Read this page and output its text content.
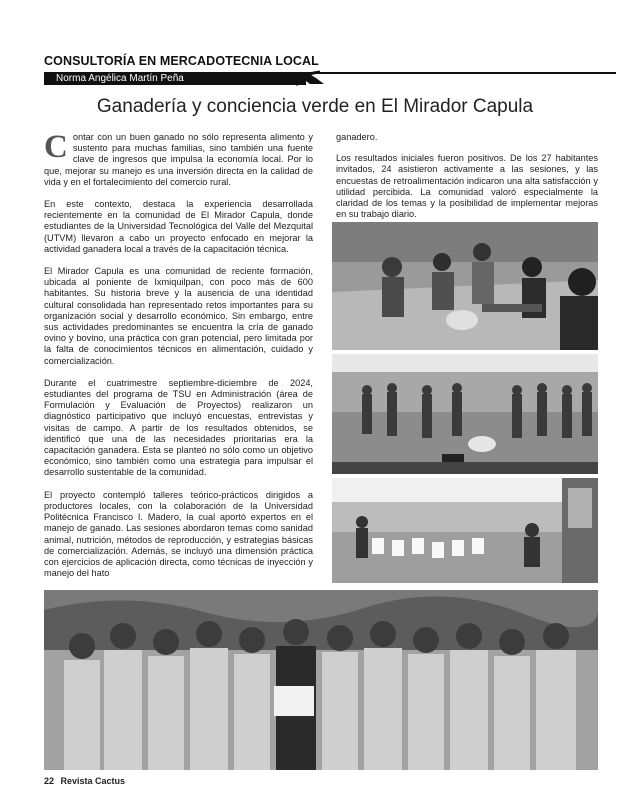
CONSULTORÍA EN MERCADOTECNIA LOCAL
Norma Angélica Martín Peña
Ganadería y conciencia verde en El Mirador Capula

Contar con un buen ganado no sólo representa alimento y sustento para muchas familias, sino también una fuente clave de ingresos que impulsa la economía local. Por lo que, mejorar su manejo es una inversión directa en la calidad de vida y en el fortalecimiento del comercio rural.

En este contexto, destaca la experiencia desarrollada recientemente en la comunidad de El Mirador Capula, donde estudiantes de la Universidad Tecnológica del Valle del Mezquital (UTVM) llevaron a cabo un proyecto enfocado en mejorar la actividad ganadera local a través de la capacitación técnica.

El Mirador Capula es una comunidad de reciente formación, ubicada al poniente de Ixmiquilpan, con poco más de 600 habitantes. Su historia breve y la ausencia de una identidad cultural consolidada han representado retos importantes para su organización social y desarrollo económico. Sin embargo, entre sus actividades predominantes se encuentra la cría de ganado ovino y bovino, una práctica con gran potencial, pero limitada por la falta de conocimientos técnicos en alimentación, cuidado y comercialización.

Durante el cuatrimestre septiembre-diciembre de 2024, estudiantes del programa de TSU en Administración (área de Formulación y Evaluación de Proyectos) realizaron un diagnóstico participativo que incluyó encuestas, entrevistas y visitas de campo. A partir de los resultados obtenidos, se identificó que una de las necesidades prioritarias era la capacitación ganadera. Esta se planteó no sólo como un objetivo económico, sino también como una estrategia para impulsar el desarrollo sustentable de la comunidad.

El proyecto contempló talleres teórico-prácticos dirigidos a productores locales, con la colaboración de la Universidad Politécnica Francisco I. Madero, la cual aportó expertos en el manejo de ganado. Las sesiones abordaron temas como sanidad animal, nutrición, métodos de reproducción, y estrategias básicas de comercialización. Además, se incluyó una dimensión práctica con ejercicios de aplicación directa, como técnicas de inyección y manejo del hato

ganadero.

Los resultados iniciales fueron positivos. De los 27 habitantes invitados, 24 asistieron activamente a las sesiones, y las encuestas de retroalimentación indicaron una alta satisfacción y utilidad percibida. La comunidad valoró especialmente la claridad de los temas y la posibilidad de implementar mejoras en su trabajo diario.

22 Revista Cactus
